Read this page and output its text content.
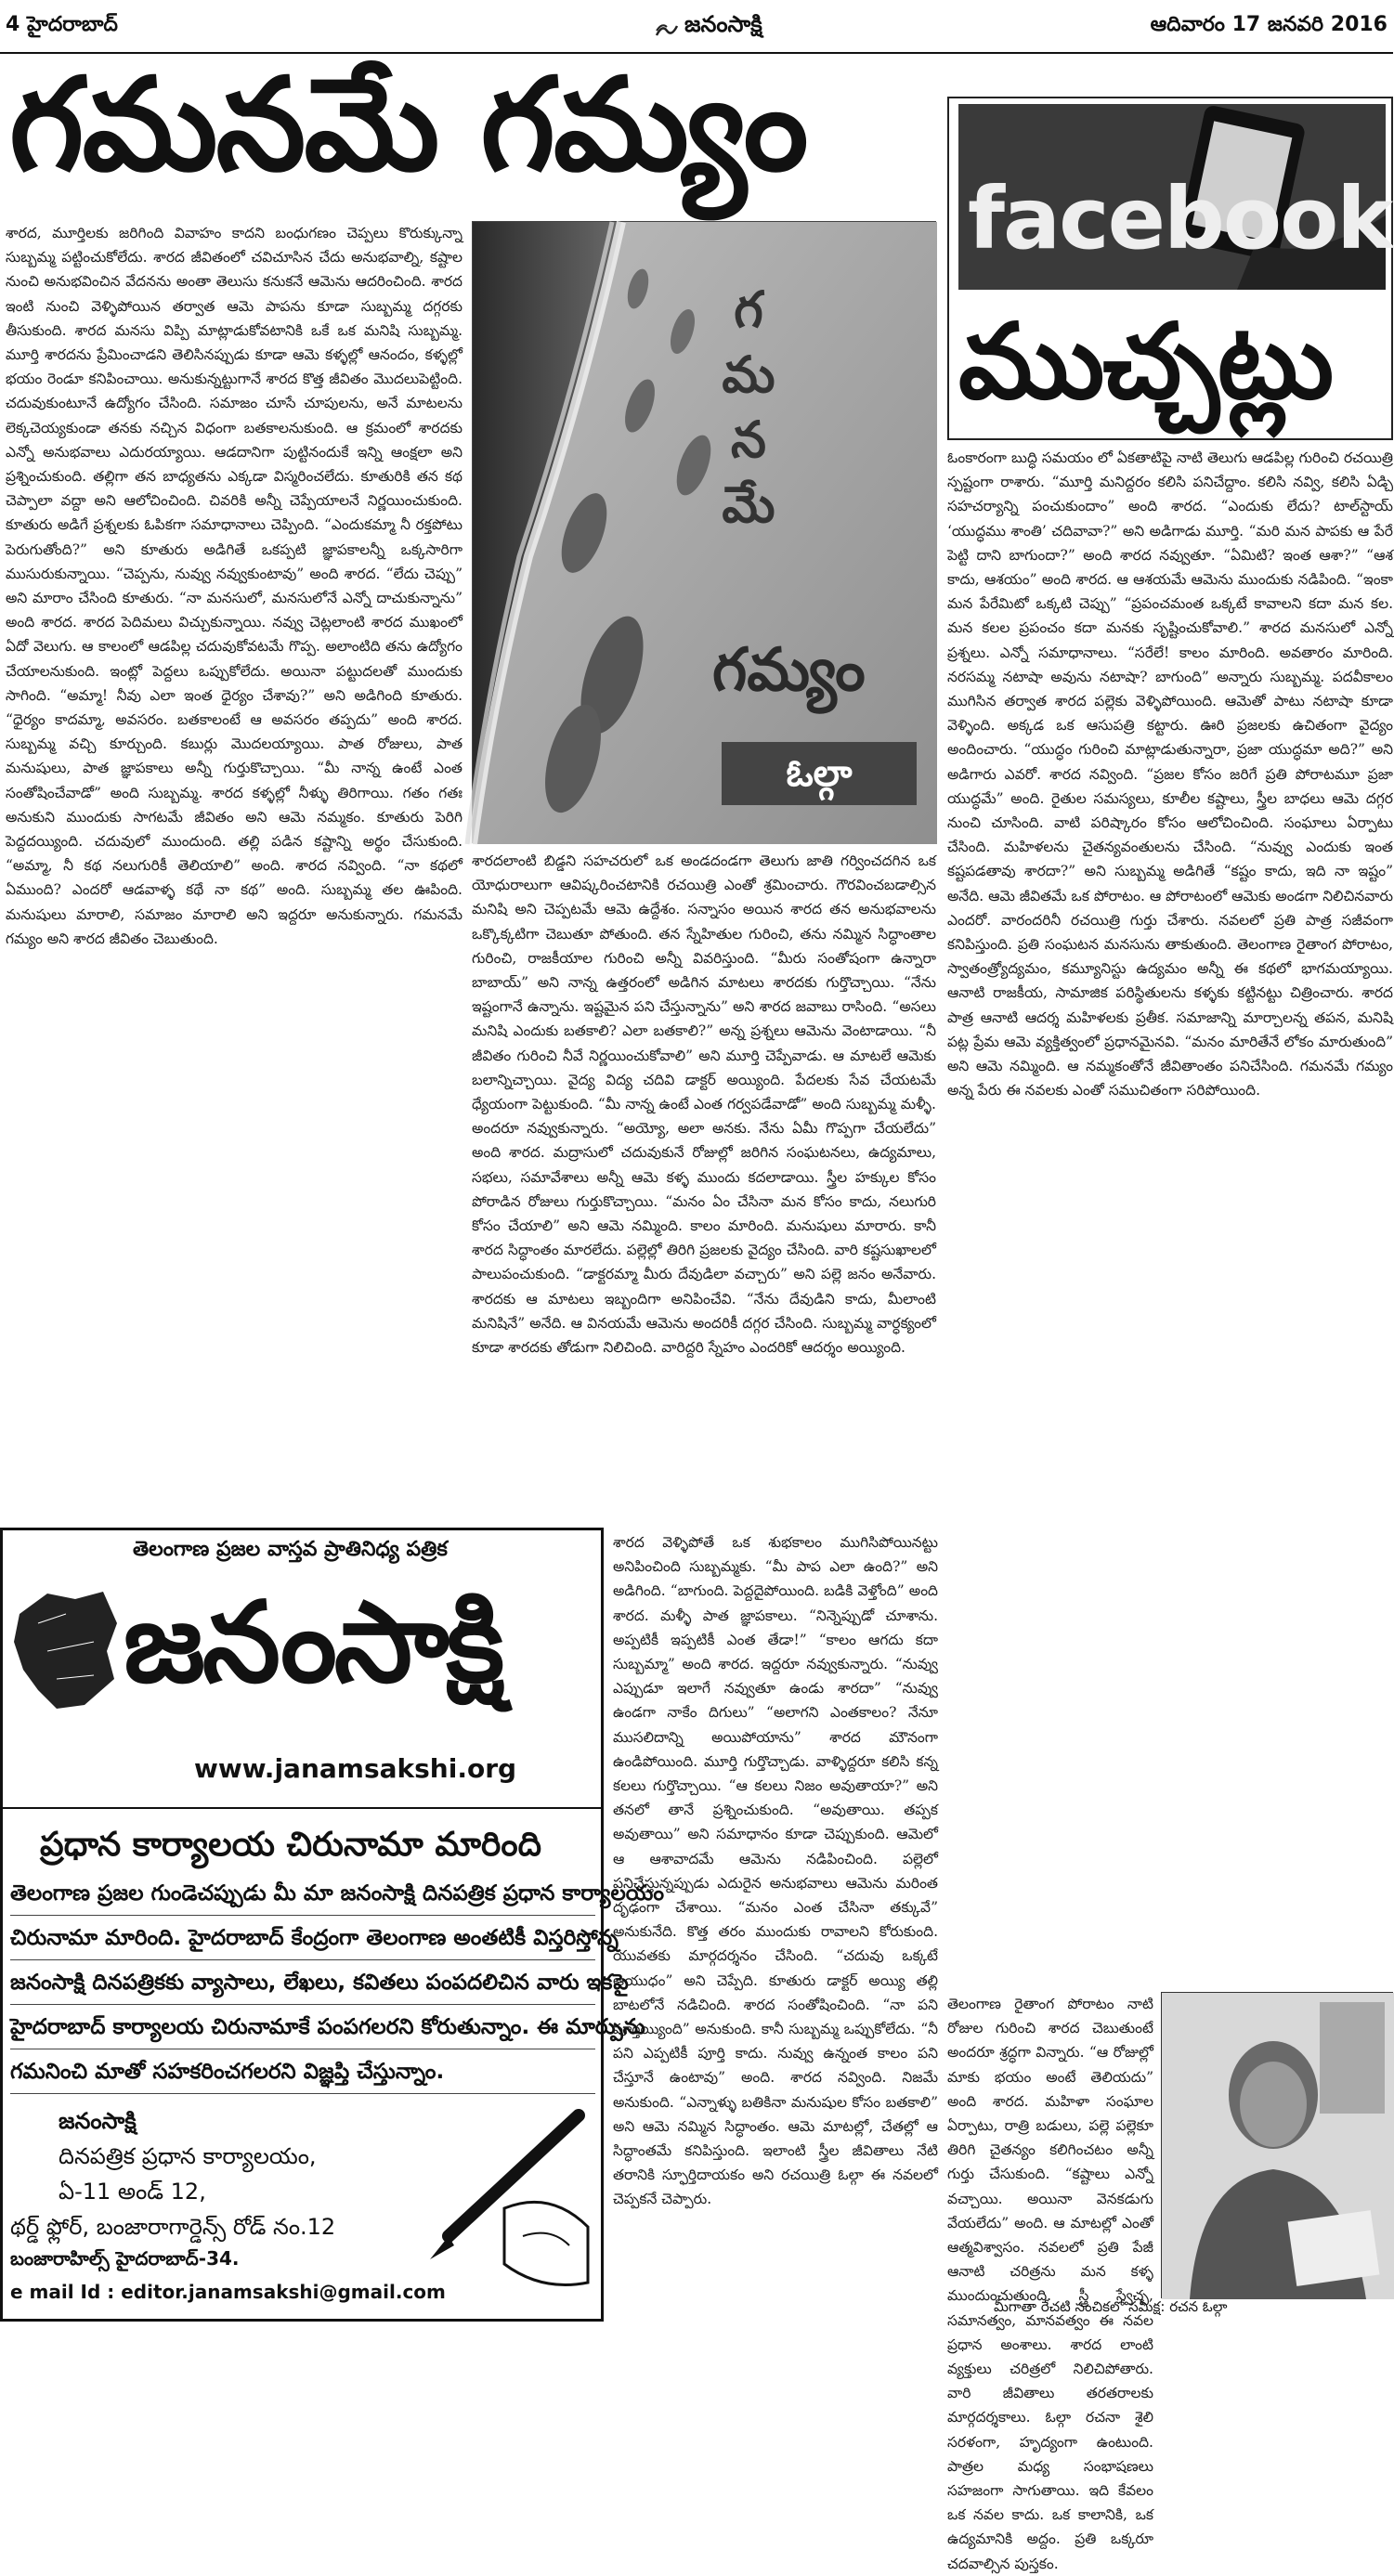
4 హైదరాబాద్	జనంసాక్షి	ఆదివారం 17 జనవరి 2016
గమనమే గమ్యం

శారద, మూర్తిలకు జరిగింది వివాహం కాదని బంధుగణం చెప్పలు కొరుక్కున్నా సుబ్బమ్మ పట్టించుకోలేదు. శారద జీవితంలో చవిచూసిన చేదు అనుభవాల్ని, కష్టాల నుంచి అనుభవించిన వేదనను అంతా తెలుసు కనుకనే ఆమెను ఆదరించింది. శారద ఇంటి నుంచి వెళ్ళిపోయిన తర్వాత ఆమె పాపను కూడా సుబ్బమ్మ దగ్గరకు తీసుకుంది. శారద మనసు విప్పి మాట్లాడుకోవటానికి ఒకే ఒక మనిషి సుబ్బమ్మ. మూర్తి శారదను ప్రేమించాడని తెలిసినప్పుడు కూడా ఆమె కళ్ళల్లో ఆనందం, కళ్ళల్లో భయం రెండూ కనిపించాయి. అనుకున్నట్టుగానే శారద కొత్త జీవితం మొదలుపెట్టింది. చదువుకుంటూనే ఉద్యోగం చేసింది. సమాజం చూసే చూపులను, అనే మాటలను లెక్కచెయ్యకుండా తనకు నచ్చిన విధంగా బతకాలనుకుంది. ఆ క్రమంలో శారదకు ఎన్నో అనుభవాలు ఎదురయ్యాయి. ఆడదానిగా పుట్టినందుకే ఇన్ని ఆంక్షలా అని ప్రశ్నించుకుంది. తల్లిగా తన బాధ్యతను ఎక్కడా విస్మరించలేదు. కూతురికి తన కథ చెప్పాలా వద్దా అని ఆలోచించింది. చివరికి అన్నీ చెప్పేయాలనే నిర్ణయించుకుంది. కూతురు అడిగే ప్రశ్నలకు ఓపికగా సమాధానాలు చెప్పింది. “ఎందుకమ్మా నీ రక్తపోటు పెరుగుతోంది?” అని కూతురు అడిగితే ఒకప్పటి జ్ఞాపకాలన్నీ ఒక్కసారిగా ముసురుకున్నాయి. “చెప్పను, నువ్వు నవ్వుకుంటావు” అంది శారద. “లేదు చెప్పు” అని మారాం చేసింది కూతురు. “నా మనసులో, మనసులోనే ఎన్నో దాచుకున్నాను” అంది శారద. శారద పెదిమలు విచ్చుకున్నాయి. నవ్వు చెట్లలాంటి శారద ముఖంలో ఏదో వెలుగు. ఆ కాలంలో ఆడపిల్ల చదువుకోవటమే గొప్ప. అలాంటిది తను ఉద్యోగం చేయాలనుకుంది. ఇంట్లో పెద్దలు ఒప్పుకోలేదు. అయినా పట్టుదలతో ముందుకు సాగింది. “అమ్మా! నీవు ఎలా ఇంత ధైర్యం చేశావు?” అని అడిగింది కూతురు. “ధైర్యం కాదమ్మా, అవసరం. బతకాలంటే ఆ అవసరం తప్పదు” అంది శారద. సుబ్బమ్మ వచ్చి కూర్చుంది. కబుర్లు మొదలయ్యాయి. పాత రోజులు, పాత మనుషులు, పాత జ్ఞాపకాలు అన్నీ గుర్తుకొచ్చాయి. “మీ నాన్న ఉంటే ఎంత సంతోషించేవాడో” అంది సుబ్బమ్మ. శారద కళ్ళల్లో నీళ్ళు తిరిగాయి. గతం గతః అనుకుని ముందుకు సాగటమే జీవితం అని ఆమె నమ్మకం. కూతురు పెరిగి పెద్దదయ్యింది. చదువులో ముందుంది. తల్లి పడిన కష్టాన్ని అర్థం చేసుకుంది. “అమ్మా, నీ కథ నలుగురికీ తెలియాలి” అంది. శారద నవ్వింది. “నా కథలో ఏముంది? ఎందరో ఆడవాళ్ళ కథే నా కథ” అంది. సుబ్బమ్మ తల ఊపింది. మనుషులు మారాలి, సమాజం మారాలి అని ఇద్దరూ అనుకున్నారు. గమనమే గమ్యం అని శారద జీవితం చెబుతుంది.

గ
మ
న
మే
గమ్యం
ఓల్గా

శారదలాంటి బిడ్డని సహచరులో ఒక అండదండగా తెలుగు జాతి గర్వించదగిన ఒక యోధురాలుగా ఆవిష్కరించటానికి రచయిత్రి ఎంతో శ్రమించారు. గౌరవించబడాల్సిన మనిషి అని చెప్పటమే ఆమె ఉద్దేశం. సన్నాసం అయిన శారద తన అనుభవాలను ఒక్కొక్కటిగా చెబుతూ పోతుంది. తన స్నేహితుల గురించి, తను నమ్మిన సిద్ధాంతాల గురించి, రాజకీయాల గురించి అన్నీ వివరిస్తుంది. “మీరు సంతోషంగా ఉన్నారా బాబాయ్” అని నాన్న ఉత్తరంలో అడిగిన మాటలు శారదకు గుర్తొచ్చాయి. “నేను ఇష్టంగానే ఉన్నాను. ఇష్టమైన పని చేస్తున్నాను” అని శారద జవాబు రాసింది. “అసలు మనిషి ఎందుకు బతకాలి? ఎలా బతకాలి?” అన్న ప్రశ్నలు ఆమెను వెంటాడాయి. “నీ జీవితం గురించి నీవే నిర్ణయించుకోవాలి” అని మూర్తి చెప్పేవాడు. ఆ మాటలే ఆమెకు బలాన్నిచ్చాయి. వైద్య విద్య చదివి డాక్టర్ అయ్యింది. పేదలకు సేవ చేయటమే ధ్యేయంగా పెట్టుకుంది. “మీ నాన్న ఉంటే ఎంత గర్వపడేవాడో” అంది సుబ్బమ్మ మళ్ళీ. అందరూ నవ్వుకున్నారు. “అయ్యో, అలా అనకు. నేను ఏమీ గొప్పగా చేయలేదు” అంది శారద. మద్రాసులో చదువుకునే రోజుల్లో జరిగిన సంఘటనలు, ఉద్యమాలు, సభలు, సమావేశాలు అన్నీ ఆమె కళ్ళ ముందు కదలాడాయి. స్త్రీల హక్కుల కోసం పోరాడిన రోజులు గుర్తుకొచ్చాయి. “మనం ఏం చేసినా మన కోసం కాదు, నలుగురి కోసం చేయాలి” అని ఆమె నమ్మింది. కాలం మారింది. మనుషులు మారారు. కానీ శారద సిద్ధాంతం మారలేదు. పల్లెల్లో తిరిగి ప్రజలకు వైద్యం చేసింది. వారి కష్టసుఖాలలో పాలుపంచుకుంది. “డాక్టరమ్మా మీరు దేవుడిలా వచ్చారు” అని పల్లె జనం అనేవారు. శారదకు ఆ మాటలు ఇబ్బందిగా అనిపించేవి. “నేను దేవుడిని కాదు, మీలాంటి మనిషినే” అనేది. ఆ వినయమే ఆమెను అందరికీ దగ్గర చేసింది. సుబ్బమ్మ వార్ధక్యంలో కూడా శారదకు తోడుగా నిలిచింది. వారిద్దరి స్నేహం ఎందరికో ఆదర్శం అయ్యింది.

facebook
ముచ్చట్లు

ఓంకారంగా బుద్ధి సమయం లో ఏకతాటిపై నాటి తెలుగు ఆడపిల్ల గురించి రచయిత్రి స్పష్టంగా రాశారు. “మూర్తి మనిద్దరం కలిసి పనిచేద్దాం. కలిసి నవ్వి, కలిసి ఏడ్చి సహచర్యాన్ని పంచుకుందాం” అంది శారద. “ఎందుకు లేదు? టాల్‌స్టాయ్ ‘యుద్ధము శాంతి’ చదివావా?” అని అడిగాడు మూర్తి. “మరి మన పాపకు ఆ పేరే పెట్టి దాని బాగుందా?” అంది శారద నవ్వుతూ. “ఏమిటి? ఇంత ఆశా?” “ఆశ కాదు, ఆశయం” అంది శారద. ఆ ఆశయమే ఆమెను ముందుకు నడిపింది. “ఇంకా మన పేరేమిటో ఒక్కటి చెప్పు” “ప్రపంచమంత ఒక్కటే కావాలని కదా మన కల. మన కలల ప్రపంచం కదా మనకు సృష్టించుకోవాలి.” శారద మనసులో ఎన్నో ప్రశ్నలు. ఎన్నో సమాధానాలు. “సరేలే! కాలం మారింది. అవతారం మారింది. నరసమ్మ నటాషా అవును నటాషా? బాగుంది” అన్నారు సుబ్బమ్మ. పదవీకాలం ముగిసిన తర్వాత శారద పల్లెకు వెళ్ళిపోయింది. ఆమెతో పాటు నటాషా కూడా వెళ్ళింది. అక్కడ ఒక ఆసుపత్రి కట్టారు. ఊరి ప్రజలకు ఉచితంగా వైద్యం అందించారు. “యుద్ధం గురించి మాట్లాడుతున్నారా, ప్రజా యుద్ధమా అది?” అని అడిగారు ఎవరో. శారద నవ్వింది. “ప్రజల కోసం జరిగే ప్రతి పోరాటమూ ప్రజా యుద్ధమే” అంది. రైతుల సమస్యలు, కూలీల కష్టాలు, స్త్రీల బాధలు ఆమె దగ్గర నుంచి చూసింది. వాటి పరిష్కారం కోసం ఆలోచించింది. సంఘాలు ఏర్పాటు చేసింది. మహిళలను చైతన్యవంతులను చేసింది. “నువ్వు ఎందుకు ఇంత కష్టపడతావు శారదా?” అని సుబ్బమ్మ అడిగితే “కష్టం కాదు, ఇది నా ఇష్టం” అనేది. ఆమె జీవితమే ఒక పోరాటం. ఆ పోరాటంలో ఆమెకు అండగా నిలిచినవారు ఎందరో. వారందరినీ రచయిత్రి గుర్తు చేశారు. నవలలో ప్రతి పాత్ర సజీవంగా కనిపిస్తుంది. ప్రతి సంఘటన మనసును తాకుతుంది. తెలంగాణ రైతాంగ పోరాటం, స్వాతంత్ర్యోద్యమం, కమ్యూనిస్టు ఉద్యమం అన్నీ ఈ కథలో భాగమయ్యాయి. ఆనాటి రాజకీయ, సామాజిక పరిస్థితులను కళ్ళకు కట్టినట్టు చిత్రించారు. శారద పాత్ర ఆనాటి ఆదర్శ మహిళలకు ప్రతీక. సమాజాన్ని మార్చాలన్న తపన, మనిషి పట్ల ప్రేమ ఆమె వ్యక్తిత్వంలో ప్రధానమైనవి. “మనం మారితేనే లోకం మారుతుంది” అని ఆమె నమ్మింది. ఆ నమ్మకంతోనే జీవితాంతం పనిచేసింది. గమనమే గమ్యం అన్న పేరు ఈ నవలకు ఎంతో సముచితంగా సరిపోయింది.

శారద వెళ్ళిపోతే ఒక శుభకాలం ముగిసిపోయినట్టు అనిపించింది సుబ్బమ్మకు. “మీ పాప ఎలా ఉంది?” అని అడిగింది. “బాగుంది. పెద్దదైపోయింది. బడికి వెళ్తోంది” అంది శారద. మళ్ళీ పాత జ్ఞాపకాలు. “నిన్నెప్పుడో చూశాను. అప్పటికీ ఇప్పటికీ ఎంత తేడా!” “కాలం ఆగదు కదా సుబ్బమ్మా” అంది శారద. ఇద్దరూ నవ్వుకున్నారు. “నువ్వు ఎప్పుడూ ఇలాగే నవ్వుతూ ఉండు శారదా” “నువ్వు ఉండగా నాకేం దిగులు” “అలాగని ఎంతకాలం? నేనూ ముసలిదాన్ని అయిపోయాను” శారద మౌనంగా ఉండిపోయింది. మూర్తి గుర్తొచ్చాడు. వాళ్ళిద్దరూ కలిసి కన్న కలలు గుర్తొచ్చాయి. “ఆ కలలు నిజం అవుతాయా?” అని తనలో తానే ప్రశ్నించుకుంది. “అవుతాయి. తప్పక అవుతాయి” అని సమాధానం కూడా చెప్పుకుంది. ఆమెలో ఆ ఆశావాదమే ఆమెను నడిపించింది. పల్లెలో పనిచేస్తున్నప్పుడు ఎదురైన అనుభవాలు ఆమెను మరింత దృఢంగా చేశాయి. “మనం ఎంత చేసినా తక్కువే” అనుకునేది. కొత్త తరం ముందుకు రావాలని కోరుకుంది. యువతకు మార్గదర్శనం చేసింది. “చదువు ఒక్కటే ఆయుధం” అని చెప్పేది. కూతురు డాక్టర్ అయ్యి తల్లి బాటలోనే నడిచింది. శారద సంతోషించింది. “నా పని పూర్తయ్యింది” అనుకుంది. కానీ సుబ్బమ్మ ఒప్పుకోలేదు. “నీ పని ఎప్పటికీ పూర్తి కాదు. నువ్వు ఉన్నంత కాలం పని చేస్తూనే ఉంటావు” అంది. శారద నవ్వింది. నిజమే అనుకుంది. “ఎన్నాళ్ళు బతికినా మనుషుల కోసం బతకాలి” అని ఆమె నమ్మిన సిద్ధాంతం. ఆమె మాటల్లో, చేతల్లో ఆ సిద్ధాంతమే కనిపిస్తుంది. ఇలాంటి స్త్రీల జీవితాలు నేటి తరానికి స్ఫూర్తిదాయకం అని రచయిత్రి ఓల్గా ఈ నవలలో చెప్పకనే చెప్పారు.

తెలంగాణ రైతాంగ పోరాటం నాటి రోజుల గురించి శారద చెబుతుంటే అందరూ శ్రద్ధగా విన్నారు. “ఆ రోజుల్లో మాకు భయం అంటే తెలియదు” అంది శారద. మహిళా సంఘాల ఏర్పాటు, రాత్రి బడులు, పల్లె పల్లెకూ తిరిగి చైతన్యం కలిగించటం అన్నీ గుర్తు చేసుకుంది. “కష్టాలు ఎన్నో వచ్చాయి. అయినా వెనకడుగు వేయలేదు” అంది. ఆ మాటల్లో ఎంతో ఆత్మవిశ్వాసం. నవలలో ప్రతి పేజీ ఆనాటి చరిత్రను మన కళ్ళ ముందుంచుతుంది. స్త్రీ స్వేచ్ఛ, సమానత్వం, మానవత్వం ఈ నవల ప్రధాన అంశాలు. శారద లాంటి వ్యక్తులు చరిత్రలో నిలిచిపోతారు. వారి జీవితాలు తరతరాలకు మార్గదర్శకాలు. ఓల్గా రచనా శైలి సరళంగా, హృద్యంగా ఉంటుంది. పాత్రల మధ్య సంభాషణలు సహజంగా సాగుతాయి. ఇది కేవలం ఒక నవల కాదు. ఒక కాలానికి, ఒక ఉద్యమానికి అద్దం. ప్రతి ఒక్కరూ చదవాల్సిన పుస్తకం.

తెలంగాణ ప్రజల వాస్తవ ప్రాతినిధ్య పత్రిక
జనంసాక్షి
www.janamsakshi.org
ప్రధాన కార్యాలయ చిరునామా మారింది
తెలంగాణ ప్రజల గుండెచప్పుడు మీ మా జనంసాక్షి దినపత్రిక ప్రధాన కార్యాలయం
చిరునామా మారింది. హైదరాబాద్ కేంద్రంగా తెలంగాణ అంతటికీ విస్తరిస్తోన్న
జనంసాక్షి దినపత్రికకు వ్యాసాలు, లేఖలు, కవితలు పంపదలిచిన వారు ఇకపై
హైదరాబాద్ కార్యాలయ చిరునామాకే పంపగలరని కోరుతున్నాం. ఈ మార్పును
గమనించి మాతో సహకరించగలరని విజ్ఞప్తి చేస్తున్నాం.
జనంసాక్షి
దినపత్రిక ప్రధాన కార్యాలయం,
ఏ-11 అండ్ 12,
థర్డ్ ఫ్లోర్, బంజారాగార్డెన్స్ రోడ్ నం.12
బంజారాహిల్స్ హైదరాబాద్-34.
e mail Id : editor.janamsakshi@gmail.com
మీగాతా రేచటి సంచికలో సమీక్ష: రచన ఓల్గా
